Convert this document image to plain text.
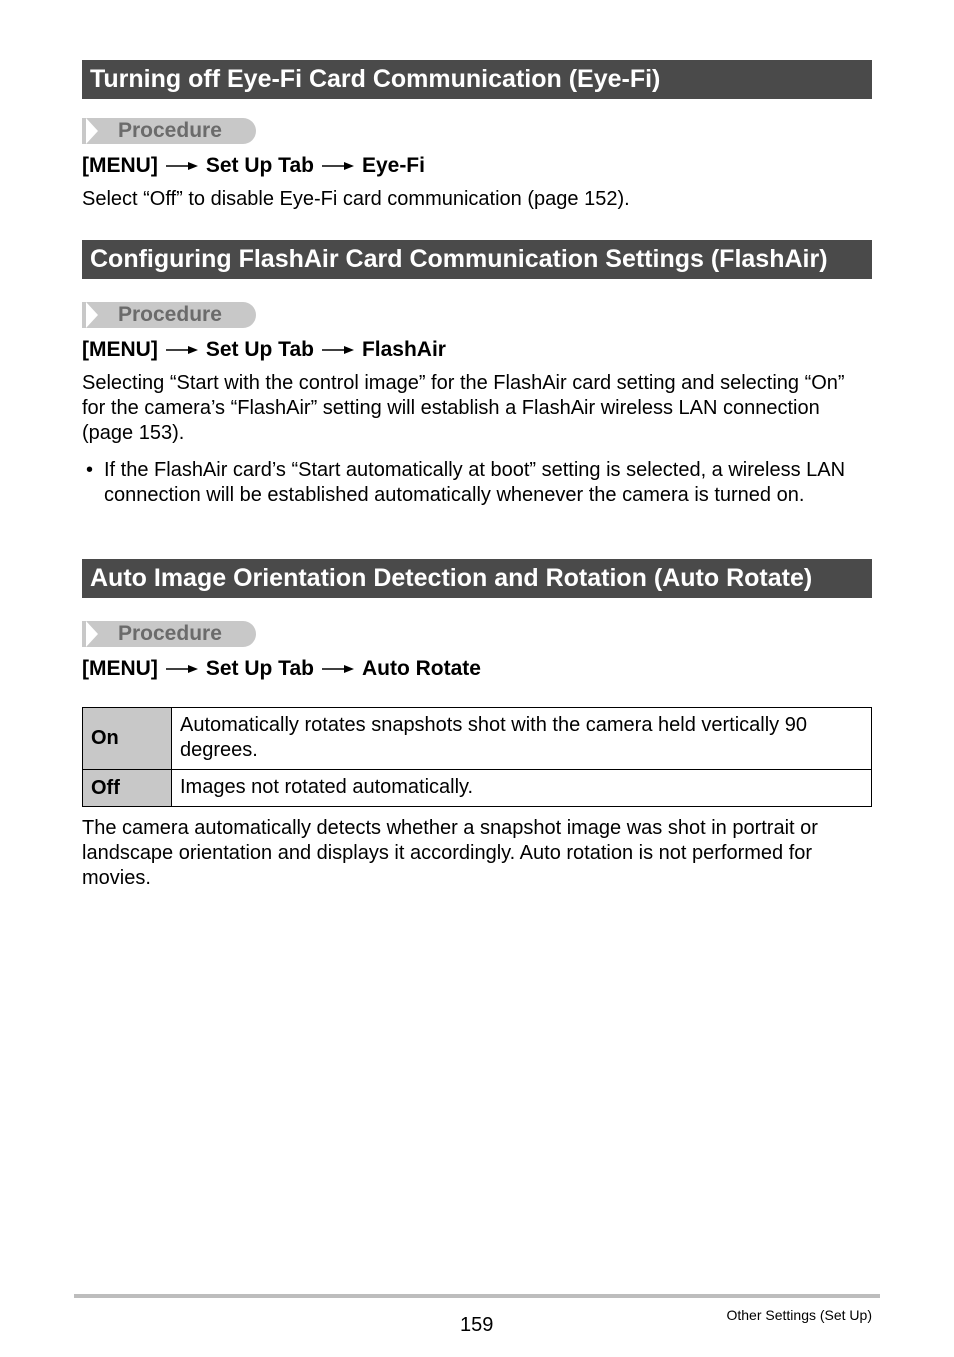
Turning off Eye-Fi Card Communication (Eye-Fi)
Procedure
[MENU] Set Up Tab Eye-Fi
Select “Off” to disable Eye-Fi card communication (page 152).
Configuring FlashAir Card Communication Settings (FlashAir)
Procedure
[MENU] Set Up Tab FlashAir
Selecting “Start with the control image” for the FlashAir card setting and selecting “On” for the camera’s “FlashAir” setting will establish a FlashAir wireless LAN connection (page 153).
• If the FlashAir card’s “Start automatically at boot” setting is selected, a wireless LAN connection will be established automatically whenever the camera is turned on.
Auto Image Orientation Detection and Rotation (Auto Rotate)
Procedure
[MENU] Set Up Tab Auto Rotate
On	Automatically rotates snapshots shot with the camera held vertically 90 degrees.
Off	Images not rotated automatically.
The camera automatically detects whether a snapshot image was shot in portrait or landscape orientation and displays it accordingly. Auto rotation is not performed for movies.
159	Other Settings (Set Up)
